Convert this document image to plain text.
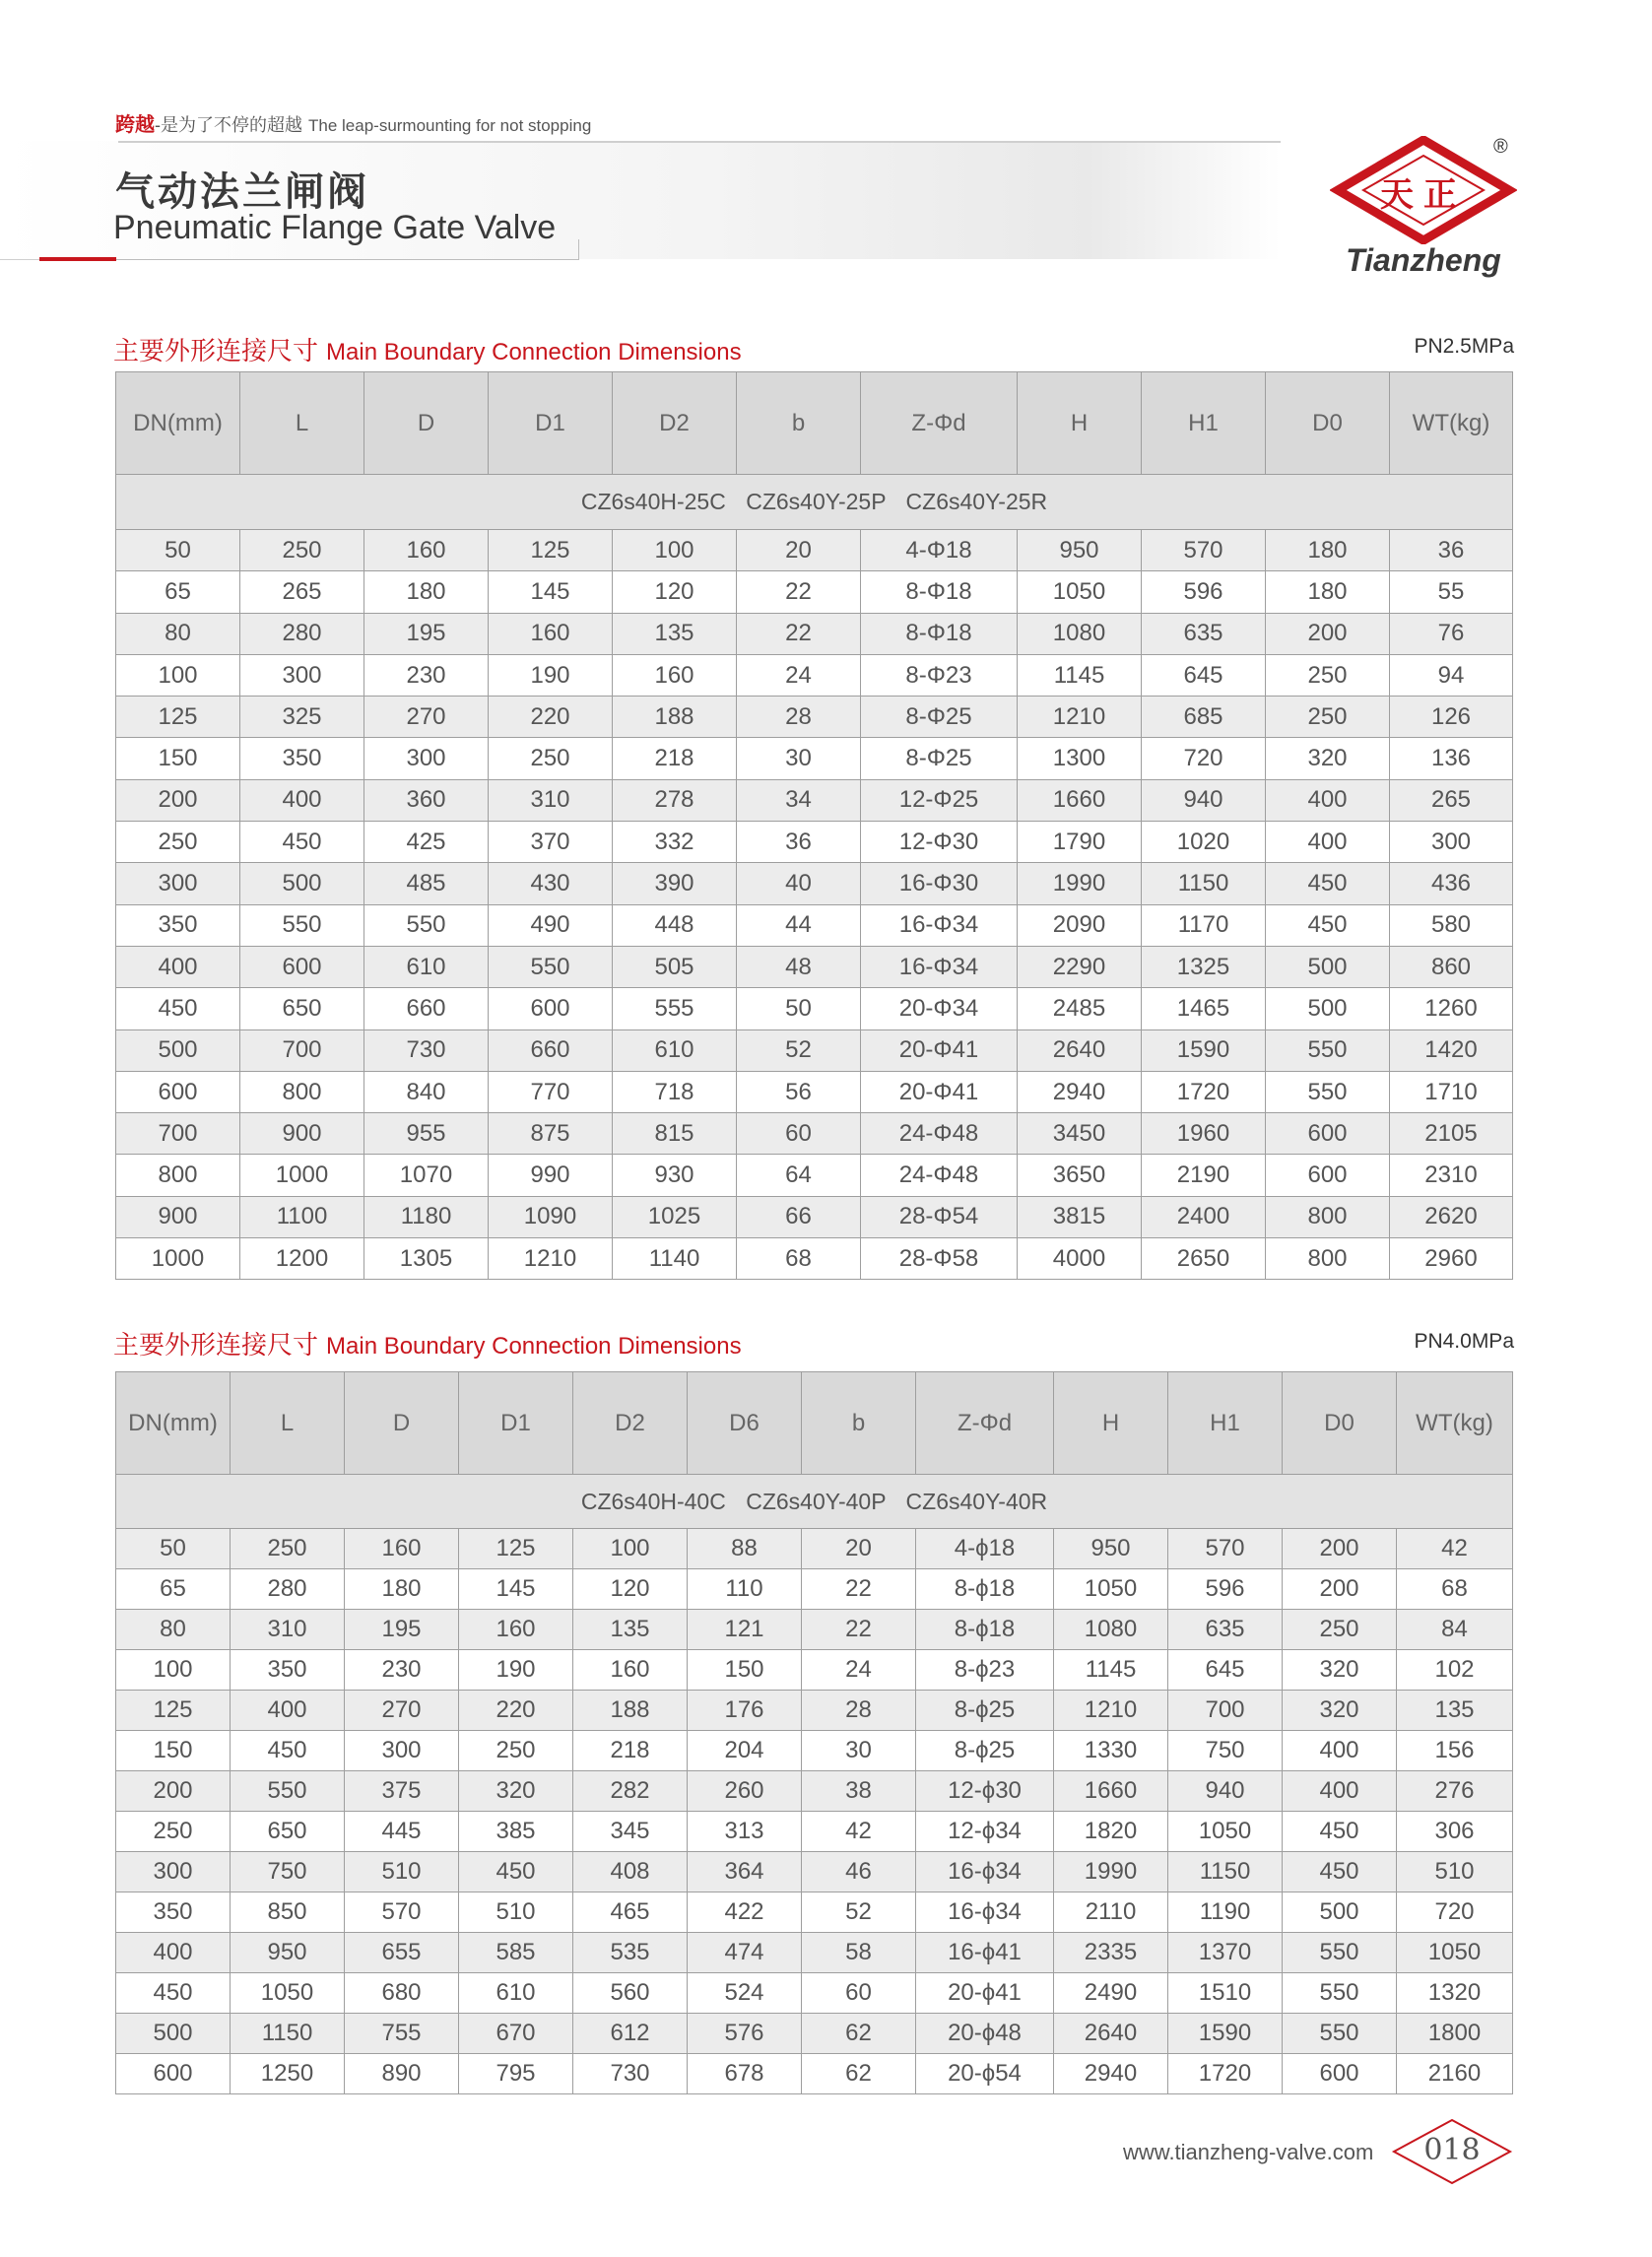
跨越-是为了不停的超越 The leap-surmounting for not stopping
气动法兰闸阀
Pneumatic Flange Gate Valve
天正
®
Tianzheng
主要外形连接尺寸 Main Boundary Connection Dimensions	PN2.5MPa
DN(mm)	L	D	D1	D2	b	Z-Φd	H	H1	D0	WT(kg)
CZ6s40H-25C CZ6s40Y-25P CZ6s40Y-25R										
50	250	160	125	100	20	4-Φ18	950	570	180	36
65	265	180	145	120	22	8-Φ18	1050	596	180	55
80	280	195	160	135	22	8-Φ18	1080	635	200	76
100	300	230	190	160	24	8-Φ23	1145	645	250	94
125	325	270	220	188	28	8-Φ25	1210	685	250	126
150	350	300	250	218	30	8-Φ25	1300	720	320	136
200	400	360	310	278	34	12-Φ25	1660	940	400	265
250	450	425	370	332	36	12-Φ30	1790	1020	400	300
300	500	485	430	390	40	16-Φ30	1990	1150	450	436
350	550	550	490	448	44	16-Φ34	2090	1170	450	580
400	600	610	550	505	48	16-Φ34	2290	1325	500	860
450	650	660	600	555	50	20-Φ34	2485	1465	500	1260
500	700	730	660	610	52	20-Φ41	2640	1590	550	1420
600	800	840	770	718	56	20-Φ41	2940	1720	550	1710
700	900	955	875	815	60	24-Φ48	3450	1960	600	2105
800	1000	1070	990	930	64	24-Φ48	3650	2190	600	2310
900	1100	1180	1090	1025	66	28-Φ54	3815	2400	800	2620
1000	1200	1305	1210	1140	68	28-Φ58	4000	2650	800	2960
主要外形连接尺寸 Main Boundary Connection Dimensions	PN4.0MPa
DN(mm)	L	D	D1	D2	D6	b	Z-Φd	H	H1	D0	WT(kg)
CZ6s40H-40C CZ6s40Y-40P CZ6s40Y-40R											
50	250	160	125	100	88	20	4-ϕ18	950	570	200	42
65	280	180	145	120	110	22	8-ϕ18	1050	596	200	68
80	310	195	160	135	121	22	8-ϕ18	1080	635	250	84
100	350	230	190	160	150	24	8-ϕ23	1145	645	320	102
125	400	270	220	188	176	28	8-ϕ25	1210	700	320	135
150	450	300	250	218	204	30	8-ϕ25	1330	750	400	156
200	550	375	320	282	260	38	12-ϕ30	1660	940	400	276
250	650	445	385	345	313	42	12-ϕ34	1820	1050	450	306
300	750	510	450	408	364	46	16-ϕ34	1990	1150	450	510
350	850	570	510	465	422	52	16-ϕ34	2110	1190	500	720
400	950	655	585	535	474	58	16-ϕ41	2335	1370	550	1050
450	1050	680	610	560	524	60	20-ϕ41	2490	1510	550	1320
500	1150	755	670	612	576	62	20-ϕ48	2640	1590	550	1800
600	1250	890	795	730	678	62	20-ϕ54	2940	1720	600	2160
www.tianzheng-valve.com	018
